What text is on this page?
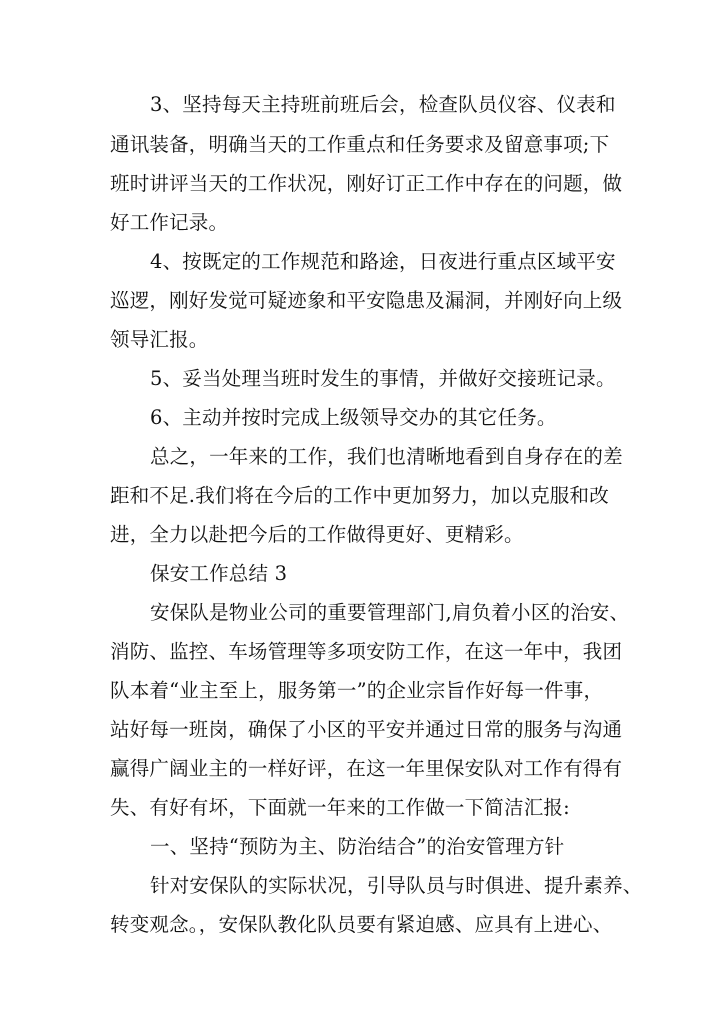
3、坚持每天主持班前班后会，检查队员仪容、仪表和
通讯装备，明确当天的工作重点和任务要求及留意事项;下
班时讲评当天的工作状况，刚好订正工作中存在的问题，做
好工作记录。
4、按既定的工作规范和路途，日夜进行重点区域平安
巡逻，刚好发觉可疑迹象和平安隐患及漏洞，并刚好向上级
领导汇报。
5、妥当处理当班时发生的事情，并做好交接班记录。
6、主动并按时完成上级领导交办的其它任务。
总之，一年来的工作，我们也清晰地看到自身存在的差
距和不足.我们将在今后的工作中更加努力，加以克服和改
进，全力以赴把今后的工作做得更好、更精彩。
保安工作总结 3
安保队是物业公司的重要管理部门,肩负着小区的治安、
消防、监控、车场管理等多项安防工作，在这一年中，我团
队本着“业主至上，服务第一”的企业宗旨作好每一件事，
站好每一班岗，确保了小区的平安并通过日常的服务与沟通
赢得广阔业主的一样好评，在这一年里保安队对工作有得有
失、有好有坏，下面就一年来的工作做一下简洁汇报:
一、坚持“预防为主、防治结合”的治安管理方针
针对安保队的实际状况，引导队员与时俱进、提升素养、
转变观念。，安保队教化队员要有紧迫感、应具有上进心、
